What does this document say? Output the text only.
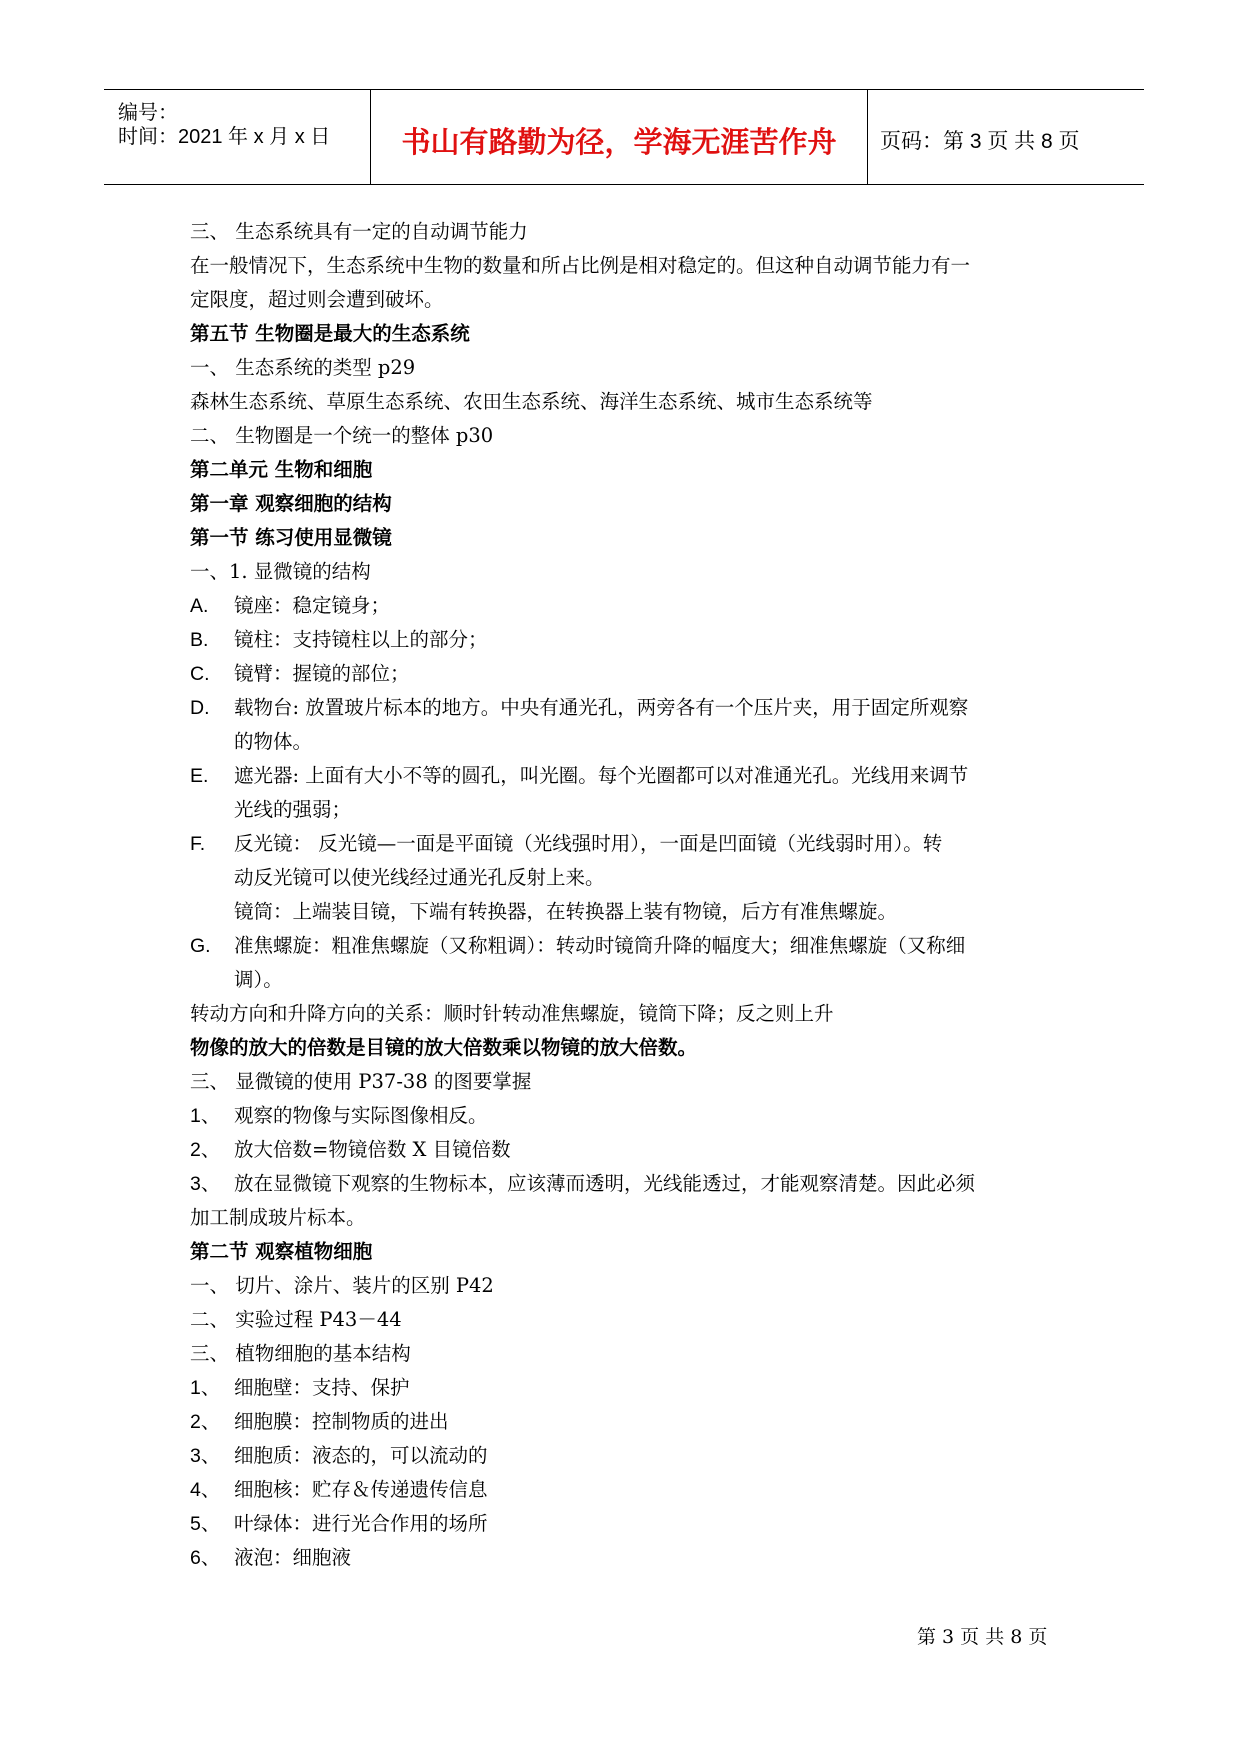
编号：
时间：2021 年 x 月 x 日	书山有路勤为径，学海无涯苦作舟	页码：第 3 页 共 8 页
三、 生态系统具有一定的自动调节能力
在一般情况下，生态系统中生物的数量和所占比例是相对稳定的。但这种自动调节能力有一
定限度，超过则会遭到破坏。
第五节 生物圈是最大的生态系统
一、 生态系统的类型 p29
森林生态系统、草原生态系统、农田生态系统、海洋生态系统、城市生态系统等
二、 生物圈是一个统一的整体 p30
第二单元 生物和细胞
第一章 观察细胞的结构
第一节 练习使用显微镜
一、1. 显微镜的结构
A. 镜座：稳定镜身；
B. 镜柱：支持镜柱以上的部分；
C. 镜臂：握镜的部位；
D. 载物台: 放置玻片标本的地方。中央有通光孔，两旁各有一个压片夹，用于固定所观察
的物体。
E. 遮光器: 上面有大小不等的圆孔，叫光圈。每个光圈都可以对准通光孔。光线用来调节
光线的强弱；
F. 反光镜： 反光镜—一面是平面镜（光线强时用），一面是凹面镜（光线弱时用）。转
动反光镜可以使光线经过通光孔反射上来。
镜筒：上端装目镜，下端有转换器，在转换器上装有物镜，后方有准焦螺旋。
G. 准焦螺旋：粗准焦螺旋（又称粗调）：转动时镜筒升降的幅度大；细准焦螺旋（又称细
调）。
转动方向和升降方向的关系：顺时针转动准焦螺旋，镜筒下降；反之则上升
物像的放大的倍数是目镜的放大倍数乘以物镜的放大倍数。
三、 显微镜的使用 P37-38 的图要掌握
1、 观察的物像与实际图像相反。
2、 放大倍数=物镜倍数 X 目镜倍数
3、 放在显微镜下观察的生物标本，应该薄而透明，光线能透过，才能观察清楚。因此必须
加工制成玻片标本。
第二节 观察植物细胞
一、 切片、涂片、装片的区别 P42
二、 实验过程 P43－44
三、 植物细胞的基本结构
1、 细胞壁：支持、保护
2、 细胞膜：控制物质的进出
3、 细胞质：液态的，可以流动的
4、 细胞核：贮存＆传递遗传信息
5、 叶绿体：进行光合作用的场所
6、 液泡：细胞液
第 3 页 共 8 页
